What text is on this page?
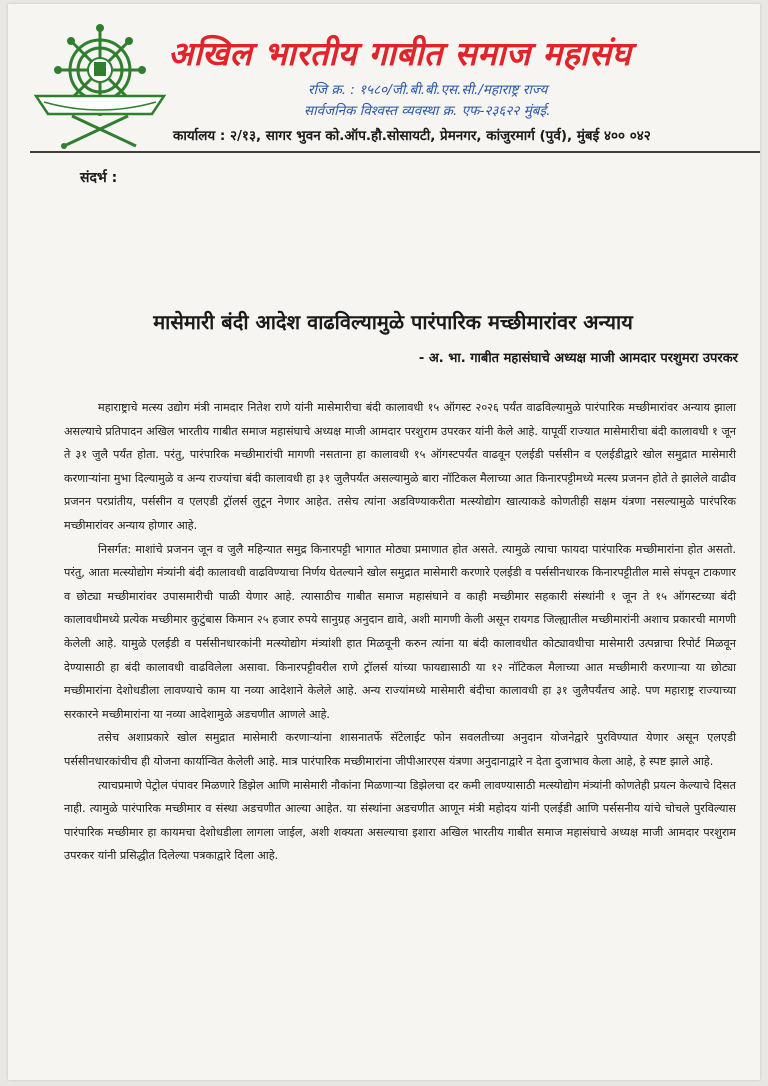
अखिल भारतीय गाबीत समाज महासंघ
रजि क्र. : १५८०/जी.बी.बी.एस.सी./महाराष्ट्र राज्य
सार्वजनिक विश्वस्त व्यवस्था क्र. एफ-२३६२२ मुंबई.
कार्यालय : २/१३, सागर भुवन को.ऑप.हौ.सोसायटी, प्रेमनगर, कांजुरमार्ग (पुर्व), मुंबई ४०० ०४२
संदर्भ :
मासेमारी बंदी आदेश वाढविल्यामुळे पारंपारिक मच्छीमारांवर अन्याय
- अ. भा. गाबीत महासंघाचे अध्यक्ष माजी आमदार परशुमरा उपरकर

महाराष्ट्राचे मत्स्य उद्योग मंत्री नामदार नितेश राणे यांनी मासेमारीचा बंदी कालावधी १५ ऑगस्ट २०२६ पर्यंत वाढविल्यामुळे पारंपारिक मच्छीमारांवर अन्याय झाला असल्याचे प्रतिपादन अखिल भारतीय गाबीत समाज महासंघाचे अध्यक्ष माजी आमदार परशुराम उपरकर यांनी केले आहे. यापूर्वी राज्यात मासेमारीचा बंदी कालावधी १ जून ते ३१ जुलै पर्यंत होता. परंतु, पारंपारिक मच्छीमारांची मागणी नसताना हा कालावधी १५ ऑगस्टपर्यंत वाढवून एलईडी पर्ससीन व एलईडीद्वारे खोल समुद्रात मासेमारी करणाऱ्यांना मुभा दिल्यामुळे व अन्य राज्यांचा बंदी कालावधी हा ३१ जुलैपर्यंत असल्यामुळे बारा नॉटिकल मैलाच्या आत किनारपट्टीमध्ये मत्स्य प्रजनन होते ते झालेले वाढीव प्रजनन परप्रांतीय, पर्ससीन व एलएडी ट्रॉलर्स लुटून नेणार आहेत. तसेच त्यांना अडविण्याकरीता मत्स्योद्योग खात्याकडे कोणतीही सक्षम यंत्रणा नसल्यामुळे पारंपरिक मच्छीमारांवर अन्याय होणार आहे.

निसर्गत: माशांचे प्रजनन जून व जुलै महिन्यात समुद्र किनारपट्टी भागात मोठ्या प्रमाणात होत असते. त्यामुळे त्याचा फायदा पारंपारिक मच्छीमारांना होत असतो. परंतु, आता मत्स्योद्योग मंत्र्यांनी बंदी कालावधी वाढविण्याचा निर्णय घेतल्याने खोल समुद्रात मासेमारी करणारे एलईडी व पर्ससीनधारक किनारपट्टीतील मासे संपवून टाकणार व छोट्या मच्छीमारांवर उपासमारीची पाळी येणार आहे. त्यासाठीच गाबीत समाज महासंघाने व काही मच्छीमार सहकारी संस्थांनी १ जून ते १५ ऑगस्टच्या बंदी कालावधीमध्ये प्रत्येक मच्छीमार कुटुंबास किमान २५ हजार रुपये सानुग्रह अनुदान द्यावे, अशी मागणी केली असून रायगड जिल्ह्यातील मच्छीमारांनी अशाच प्रकारची मागणी केलेली आहे. यामुळे एलईडी व पर्ससीनधारकांनी मत्स्योद्योग मंत्र्यांशी हात मिळवूनी करुन त्यांना या बंदी कालावधीत कोट्यावधीचा मासेमारी उत्पन्नाचा रिपोर्ट मिळवून देण्यासाठी हा बंदी कालावधी वाढविलेला असावा. किनारपट्टीवरील राणे ट्रॉलर्स यांच्या फायद्यासाठी या १२ नॉटिकल मैलाच्या आत मच्छीमारी करणाऱ्या या छोट्या मच्छीमारांना देशोधडीला लावण्याचे काम या नव्या आदेशाने केलेले आहे. अन्य राज्यांमध्ये मासेमारी बंदीचा कालावधी हा ३१ जुलैपर्यंतच आहे. पण महाराष्ट्र राज्याच्या सरकारने मच्छीमारांना या नव्या आदेशामुळे अडचणीत आणले आहे.

तसेच अशाप्रकारे खोल समुद्रात मासेमारी करणाऱ्यांना शासनातर्फे सॅटेलाईट फोन सवलतीच्या अनुदान योजनेद्वारे पुरविण्यात येणार असून एलएडी पर्ससीनधारकांचीच ही योजना कार्यान्वित केलेली आहे. मात्र पारंपारिक मच्छीमारांना जीपीआरएस यंत्रणा अनुदानाद्वारे न देता दुजाभाव केला आहे, हे स्पष्ट झाले आहे.

त्याचप्रमाणे पेट्रोल पंपावर मिळणारे डिझेल आणि मासेमारी नौकांना मिळणाऱ्या डिझेलचा दर कमी लावण्यासाठी मत्स्योद्योग मंत्र्यांनी कोणतेही प्रयत्न केल्याचे दिसत नाही. त्यामुळे पारंपारिक मच्छीमार व संस्था अडचणीत आल्या आहेत. या संस्थांना अडचणीत आणून मंत्री महोदय यांनी एलईडी आणि पर्ससनीय यांचे चोचले पुरविल्यास पारंपारिक मच्छीमार हा कायमचा देशोधडीला लागला जाईल, अशी शक्यता असल्याचा इशारा अखिल भारतीय गाबीत समाज महासंघाचे अध्यक्ष माजी आमदार परशुराम उपरकर यांनी प्रसिद्धीत दिलेल्या पत्रकाद्वारे दिला आहे.
